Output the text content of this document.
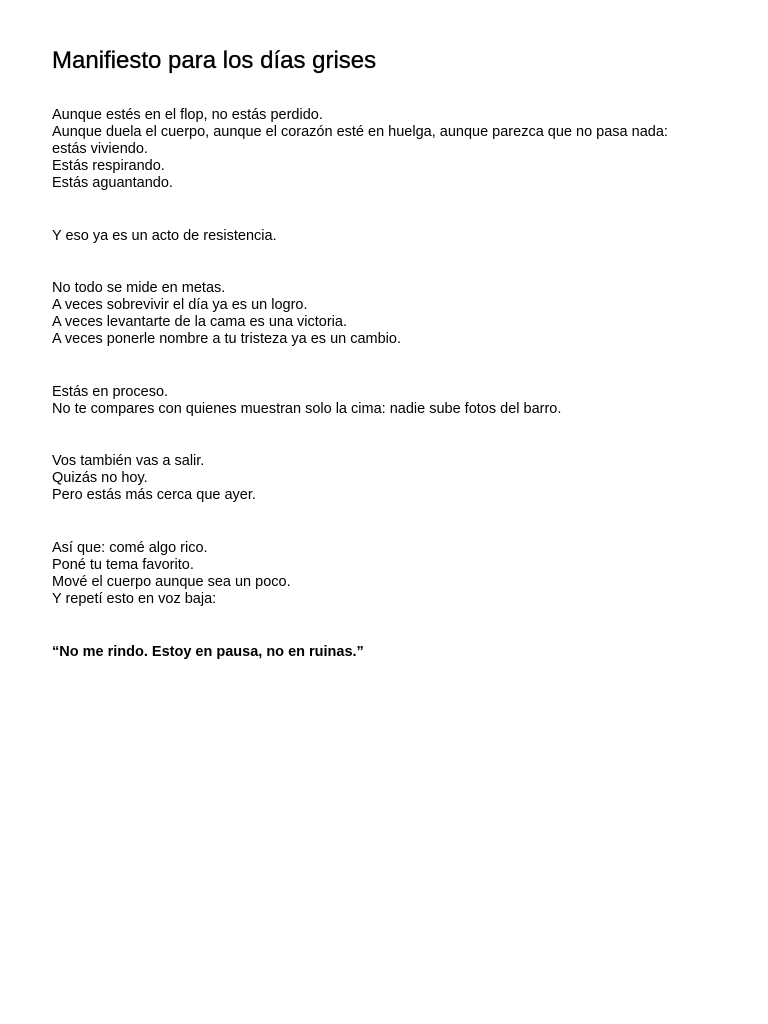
Manifiesto para los días grises

Aunque estés en el flop, no estás perdido.
Aunque duela el cuerpo, aunque el corazón esté en huelga, aunque parezca que no pasa nada:
estás viviendo.
Estás respirando.
Estás aguantando.

Y eso ya es un acto de resistencia.

No todo se mide en metas.
A veces sobrevivir el día ya es un logro.
A veces levantarte de la cama es una victoria.
A veces ponerle nombre a tu tristeza ya es un cambio.

Estás en proceso.
No te compares con quienes muestran solo la cima: nadie sube fotos del barro.

Vos también vas a salir.
Quizás no hoy.
Pero estás más cerca que ayer.

Así que: comé algo rico.
Poné tu tema favorito.
Mové el cuerpo aunque sea un poco.
Y repetí esto en voz baja:

“No me rindo. Estoy en pausa, no en ruinas.”
